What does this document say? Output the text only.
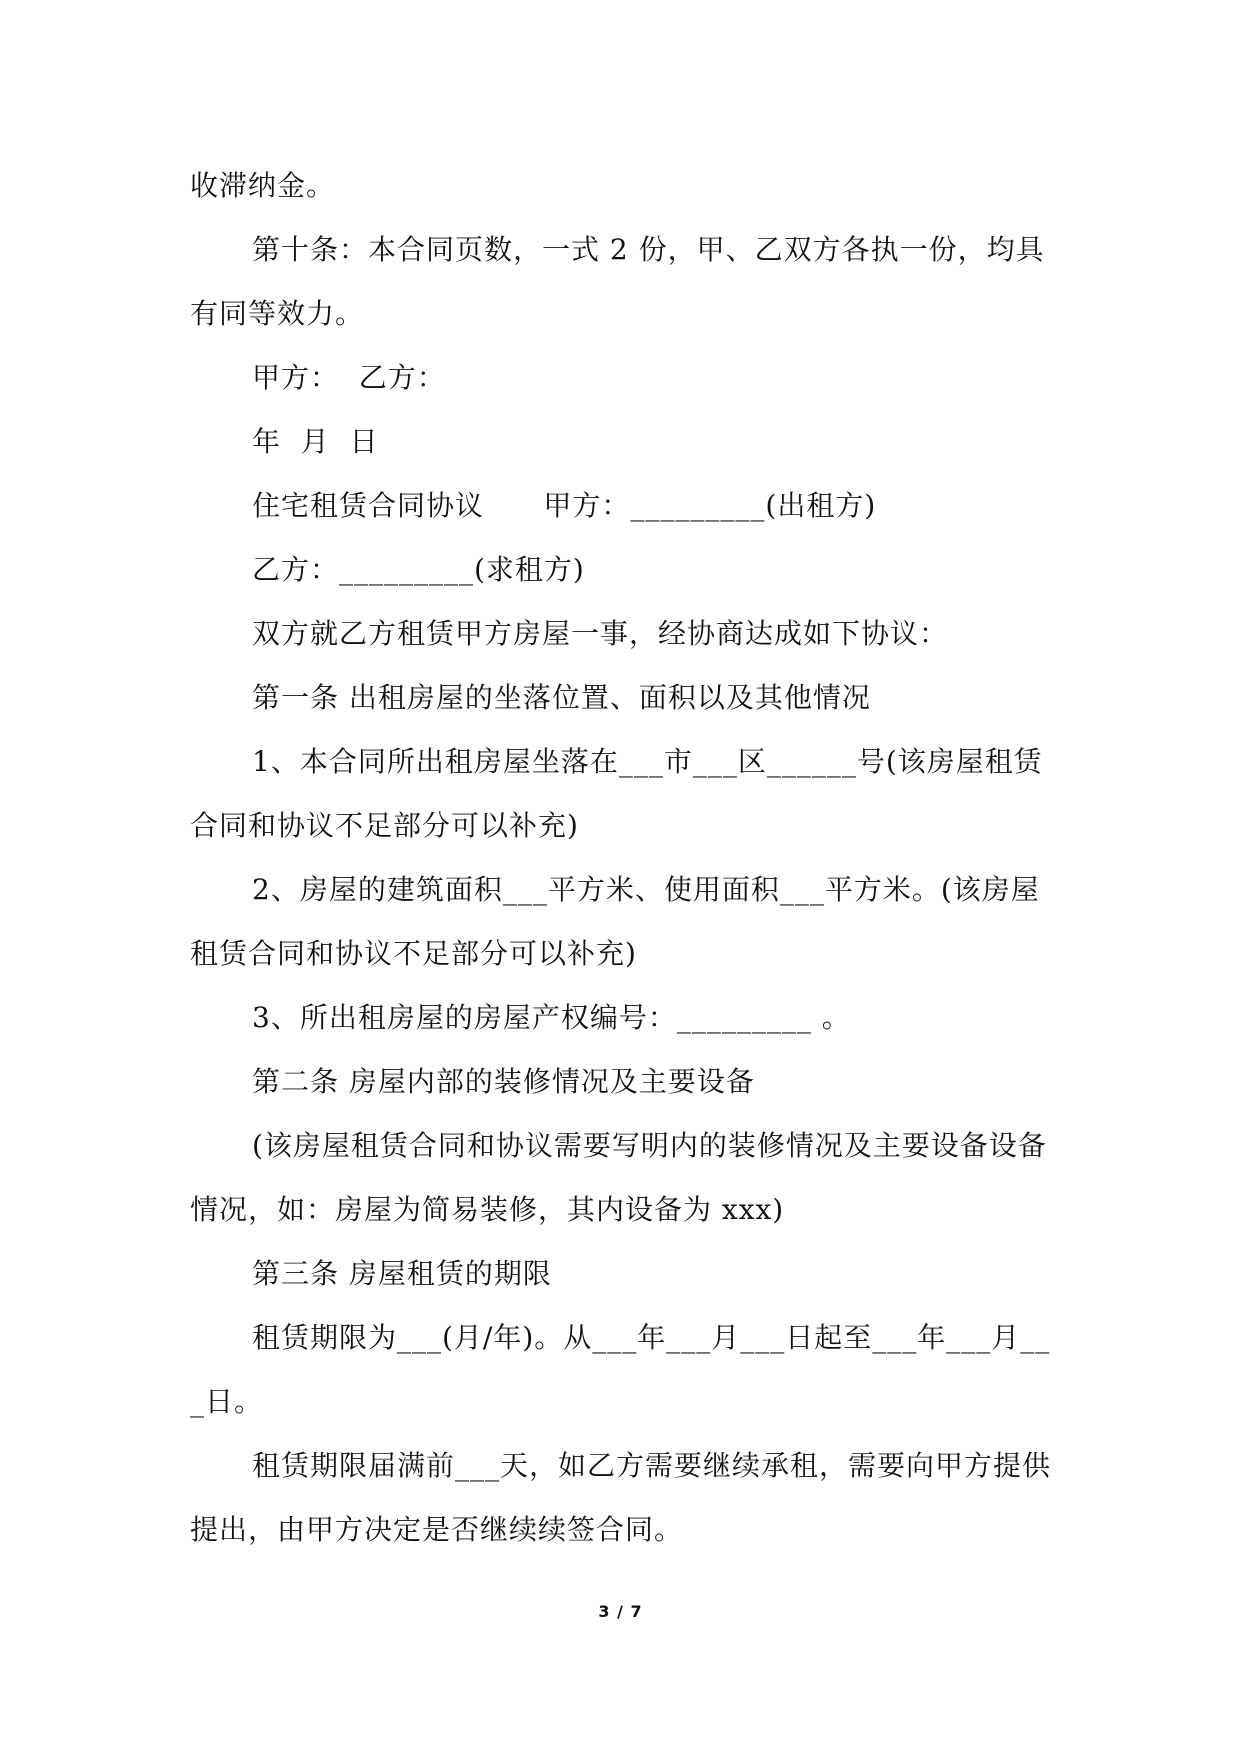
收滞纳金。

第十条：本合同页数，一式 2 份，甲、乙双方各执一份，均具有同等效力。

甲方：  乙方：

年  月  日

住宅租赁合同协议      甲方：_________(出租方)

乙方：_________(求租方)

双方就乙方租赁甲方房屋一事，经协商达成如下协议：

第一条 出租房屋的坐落位置、面积以及其他情况

1、本合同所出租房屋坐落在___市___区______号(该房屋租赁合同和协议不足部分可以补充)

2、房屋的建筑面积___平方米、使用面积___平方米。(该房屋租赁合同和协议不足部分可以补充)

3、所出租房屋的房屋产权编号：_________ 。

第二条 房屋内部的装修情况及主要设备

(该房屋租赁合同和协议需要写明内的装修情况及主要设备设备情况，如：房屋为简易装修，其内设备为 xxx)

第三条 房屋租赁的期限

租赁期限为___(月/年)。从___年___月___日起至___年___月___日。

租赁期限届满前___天，如乙方需要继续承租，需要向甲方提供提出，由甲方决定是否继续续签合同。

3 / 7
